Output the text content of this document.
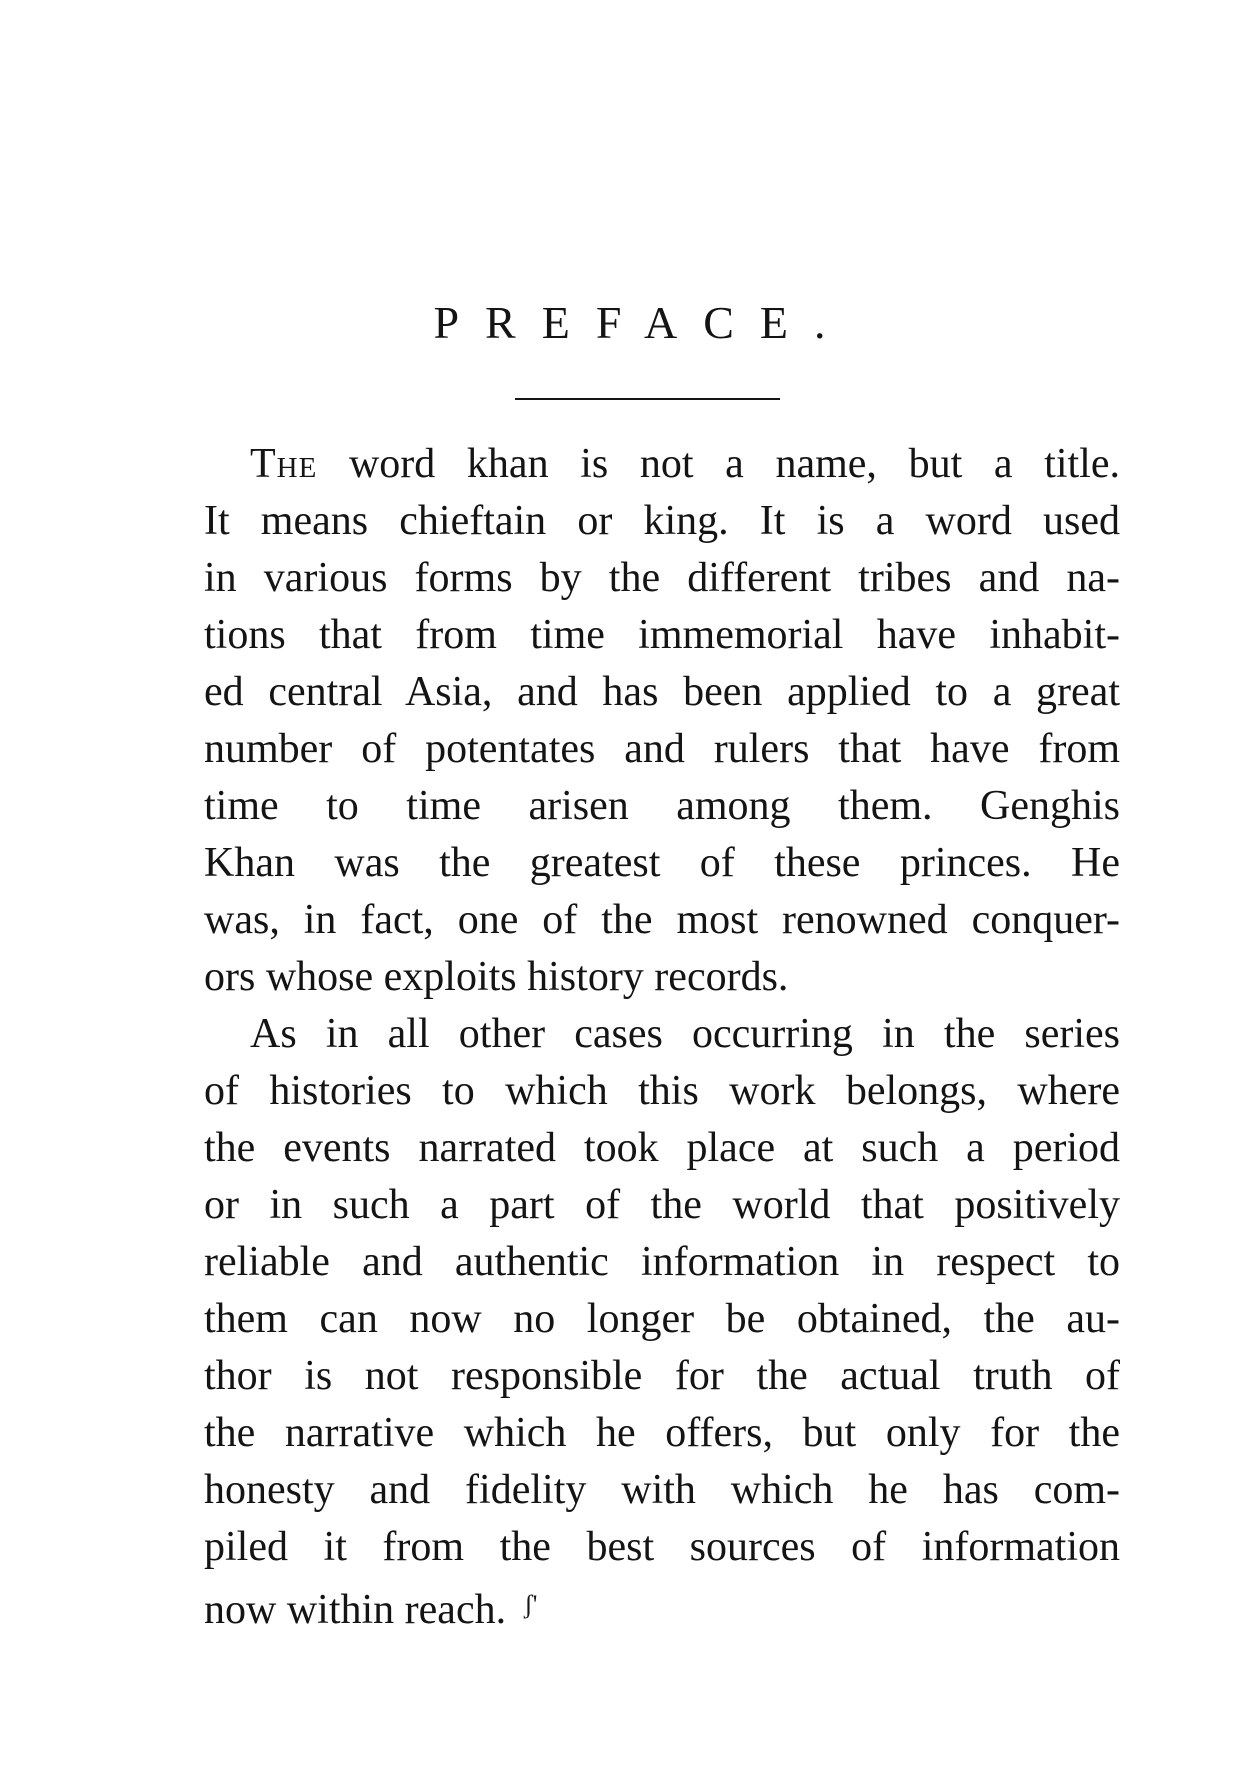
PREFACE.

The word khan is not a name, but a title.
It means chieftain or king. It is a word used
in various forms by the different tribes and na-
tions that from time immemorial have inhabit-
ed central Asia, and has been applied to a great
number of potentates and rulers that have from
time to time arisen among them. Genghis
Khan was the greatest of these princes. He
was, in fact, one of the most renowned conquer-
ors whose exploits history records.

As in all other cases occurring in the series
of histories to which this work belongs, where
the events narrated took place at such a period
or in such a part of the world that positively
reliable and authentic information in respect to
them can now no longer be obtained, the au-
thor is not responsible for the actual truth of
the narrative which he offers, but only for the
honesty and fidelity with which he has com-
piled it from the best sources of information
now within reach. ʃ'
